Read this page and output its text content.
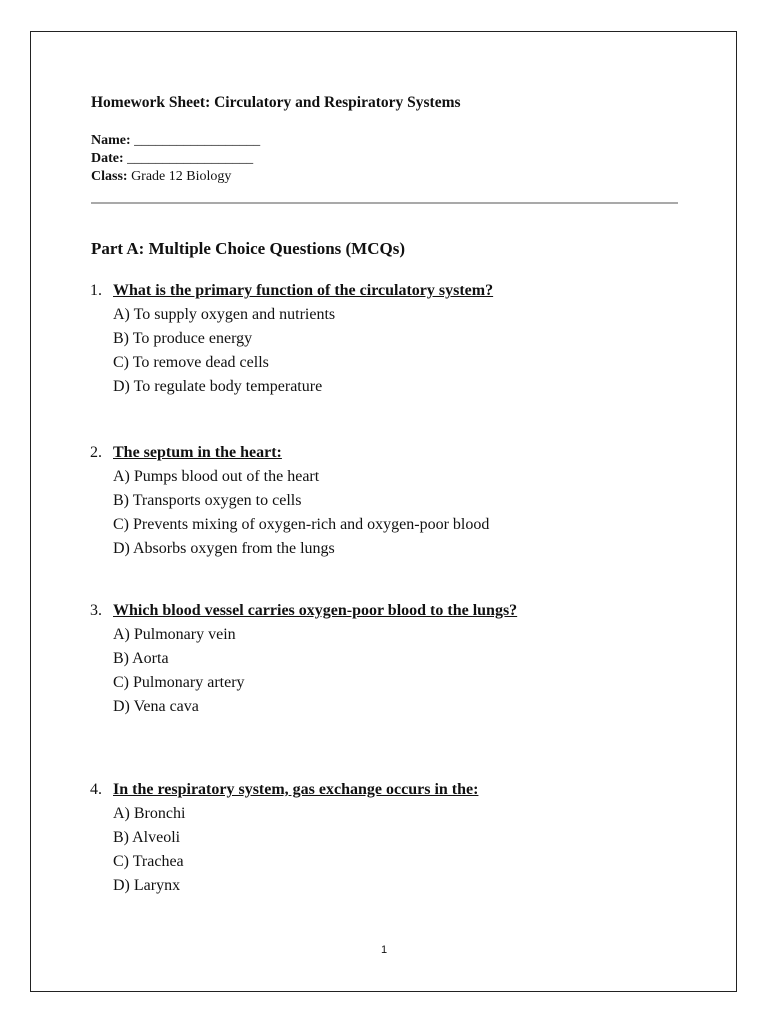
Homework Sheet: Circulatory and Respiratory Systems
Name: __________________
Date: __________________
Class: Grade 12 Biology
Part A: Multiple Choice Questions (MCQs)
1. What is the primary function of the circulatory system?
A) To supply oxygen and nutrients
B) To produce energy
C) To remove dead cells
D) To regulate body temperature
2. The septum in the heart:
A) Pumps blood out of the heart
B) Transports oxygen to cells
C) Prevents mixing of oxygen-rich and oxygen-poor blood
D) Absorbs oxygen from the lungs
3. Which blood vessel carries oxygen-poor blood to the lungs?
A) Pulmonary vein
B) Aorta
C) Pulmonary artery
D) Vena cava
4. In the respiratory system, gas exchange occurs in the:
A) Bronchi
B) Alveoli
C) Trachea
D) Larynx
1
